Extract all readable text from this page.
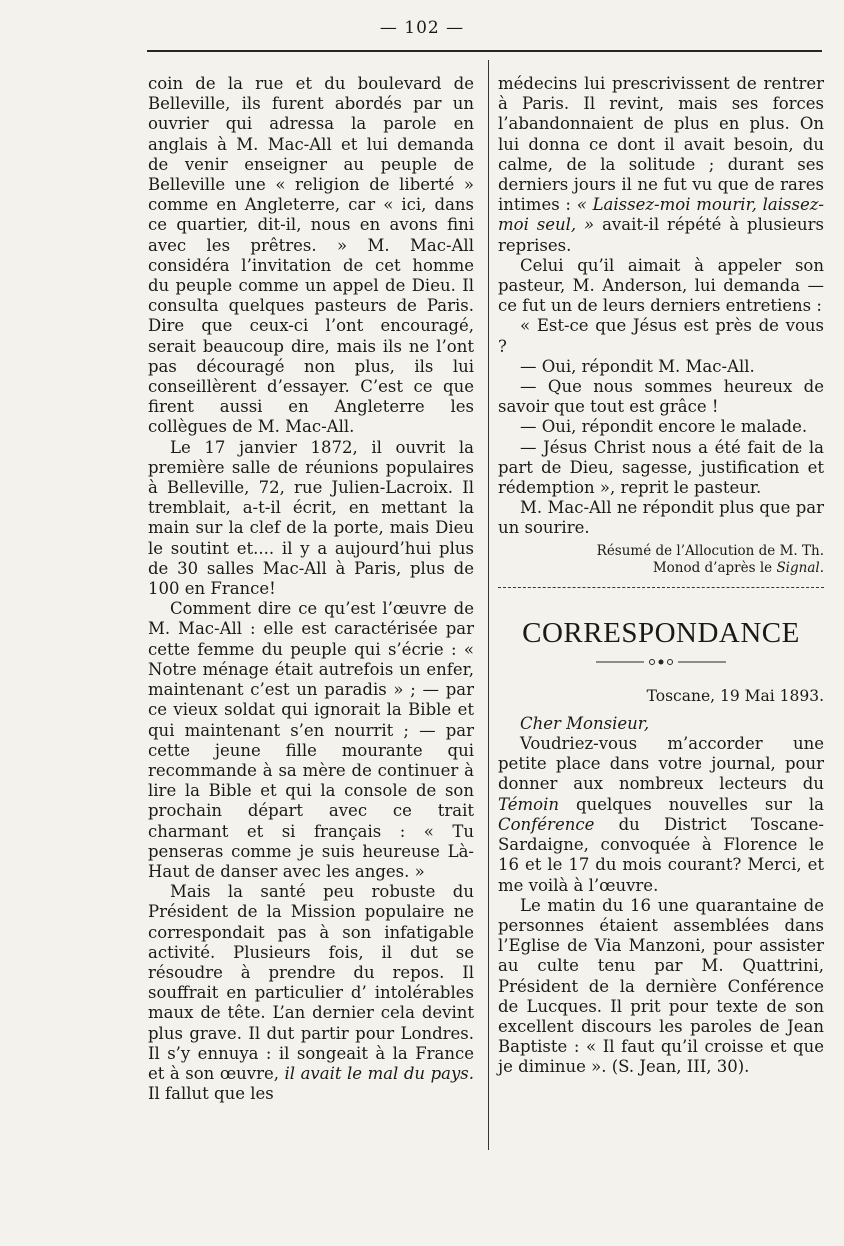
— 102 —

coin de la rue et du boulevard de Belleville, ils furent abordés par un ouvrier qui adressa la parole en anglais à M. Mac-All et lui demanda de venir enseigner au peuple de Belleville une « religion de liberté » comme en Angleterre, car « ici, dans ce quartier, dit-il, nous en avons fini avec les prêtres. » M. Mac-All considéra l’invitation de cet homme du peuple comme un appel de Dieu. Il consulta quelques pasteurs de Paris. Dire que ceux-ci l’ont encouragé, serait beaucoup dire, mais ils ne l’ont pas découragé non plus, ils lui conseillèrent d’essayer. C’est ce que firent aussi en Angleterre les collègues de M. Mac-All.

Le 17 janvier 1872, il ouvrit la première salle de réunions populaires à Belleville, 72, rue Julien-Lacroix. Il tremblait, a-t-il écrit, en mettant la main sur la clef de la porte, mais Dieu le soutint et.... il y a aujourd’hui plus de 30 salles Mac-All à Paris, plus de 100 en France!

Comment dire ce qu’est l’œuvre de M. Mac-All : elle est caractérisée par cette femme du peuple qui s’écrie : « Notre ménage était autrefois un enfer, maintenant c’est un paradis » ; — par ce vieux soldat qui ignorait la Bible et qui maintenant s’en nourrit ; — par cette jeune fille mourante qui recommande à sa mère de continuer à lire la Bible et qui la console de son prochain départ avec ce trait charmant et si français : « Tu penseras comme je suis heureuse Là-Haut de danser avec les anges. »

Mais la santé peu robuste du Président de la Mission populaire ne correspondait pas à son infatigable activité. Plusieurs fois, il dut se résoudre à prendre du repos. Il souffrait en particulier d’ intolérables maux de tête. L’an dernier cela devint plus grave. Il dut partir pour Londres. Il s’y ennuya : il songeait à la France et à son œuvre, il avait le mal du pays. Il fallut que les

médecins lui prescrivissent de rentrer à Paris. Il revint, mais ses forces l’abandonnaient de plus en plus. On lui donna ce dont il avait besoin, du calme, de la solitude ; durant ses derniers jours il ne fut vu que de rares intimes : « Laissez-moi mourir, laissez-moi seul, » avait-il répété à plusieurs reprises.

Celui qu’il aimait à appeler son pasteur, M. Anderson, lui demanda — ce fut un de leurs derniers entretiens :

« Est-ce que Jésus est près de vous ?

— Oui, répondit M. Mac-All.

— Que nous sommes heureux de savoir que tout est grâce !

— Oui, répondit encore le malade.

— Jésus Christ nous a été fait de la part de Dieu, sagesse, justification et rédemption », reprit le pasteur.

M. Mac-All ne répondit plus que par un sourire.

Résumé de l’Allocution de M. Th.
Monod d’après le Signal.
CORRESPONDANCE
Toscane, 19 Mai 1893.
Cher Monsieur,

Voudriez-vous m’accorder une petite place dans votre journal, pour donner aux nombreux lecteurs du Témoin quelques nouvelles sur la Conférence du District Toscane-Sardaigne, convoquée à Florence le 16 et le 17 du mois courant? Merci, et me voilà à l’œuvre.

Le matin du 16 une quarantaine de personnes étaient assemblées dans l’Eglise de Via Manzoni, pour assister au culte tenu par M. Quattrini, Président de la dernière Conférence de Lucques. Il prit pour texte de son excellent discours les paroles de Jean Baptiste : « Il faut qu’il croisse et que je diminue ». (S. Jean, III, 30).
